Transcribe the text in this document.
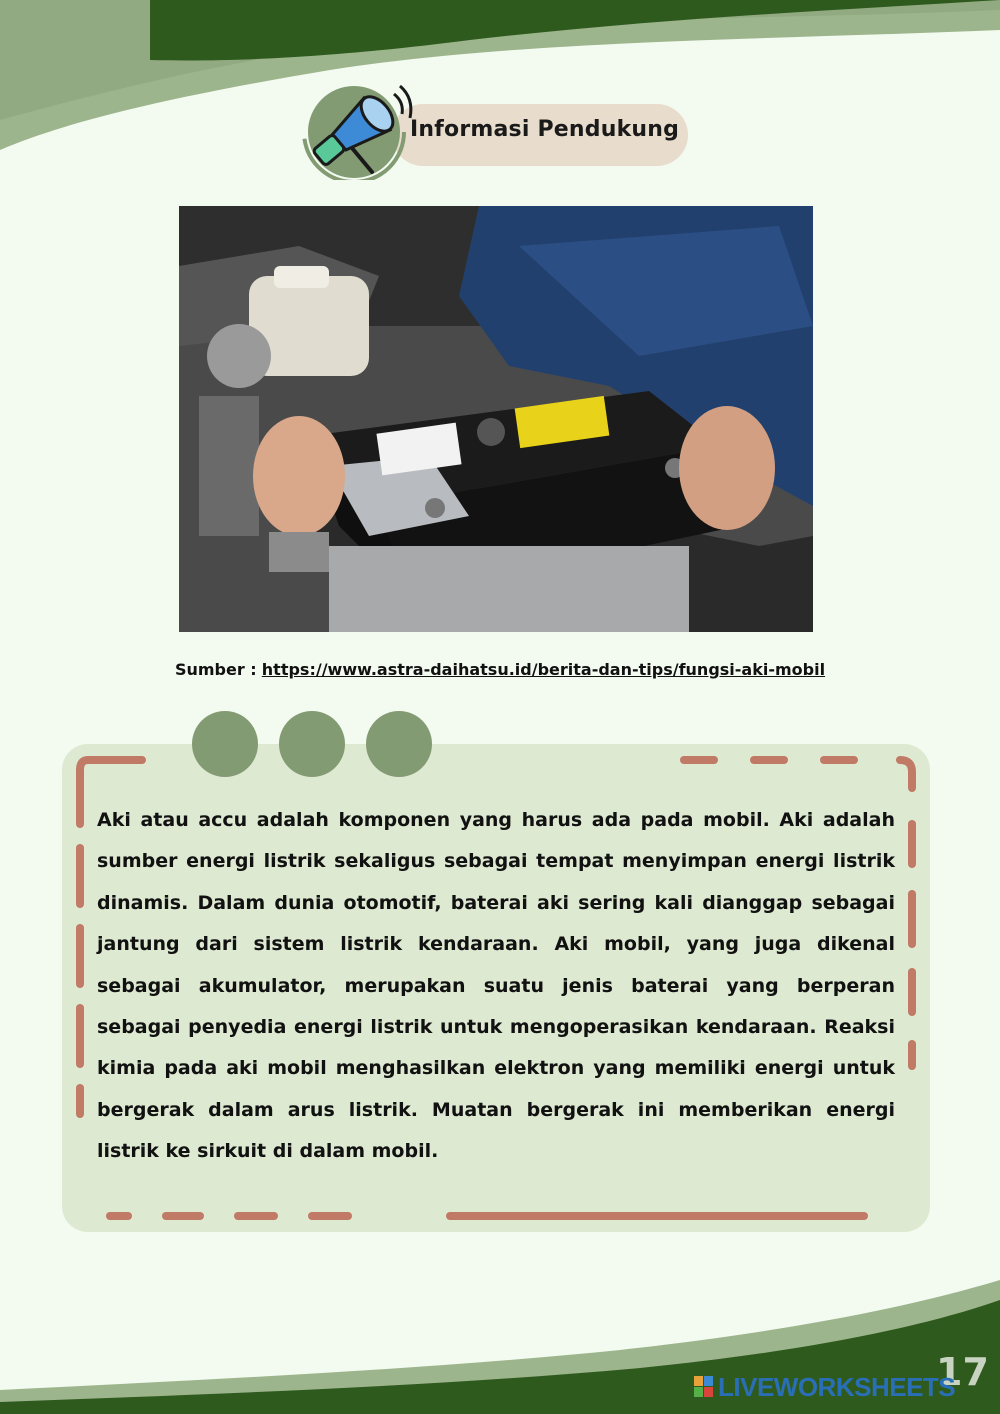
Informasi Pendukung
Sumber : https://www.astra-daihatsu.id/berita-dan-tips/fungsi-aki-mobil
Aki atau accu adalah komponen yang harus ada pada mobil. Aki adalah sumber energi listrik sekaligus sebagai tempat menyimpan energi listrik dinamis. Dalam dunia otomotif, baterai aki sering kali dianggap sebagai jantung dari sistem listrik kendaraan. Aki mobil, yang juga dikenal sebagai akumulator, merupakan suatu jenis baterai yang berperan sebagai penyedia energi listrik untuk mengoperasikan kendaraan. Reaksi kimia pada aki mobil menghasilkan elektron yang memiliki energi untuk bergerak dalam arus listrik. Muatan bergerak ini memberikan energi listrik ke sirkuit di dalam mobil.
17
LIVEWORKSHEETS
